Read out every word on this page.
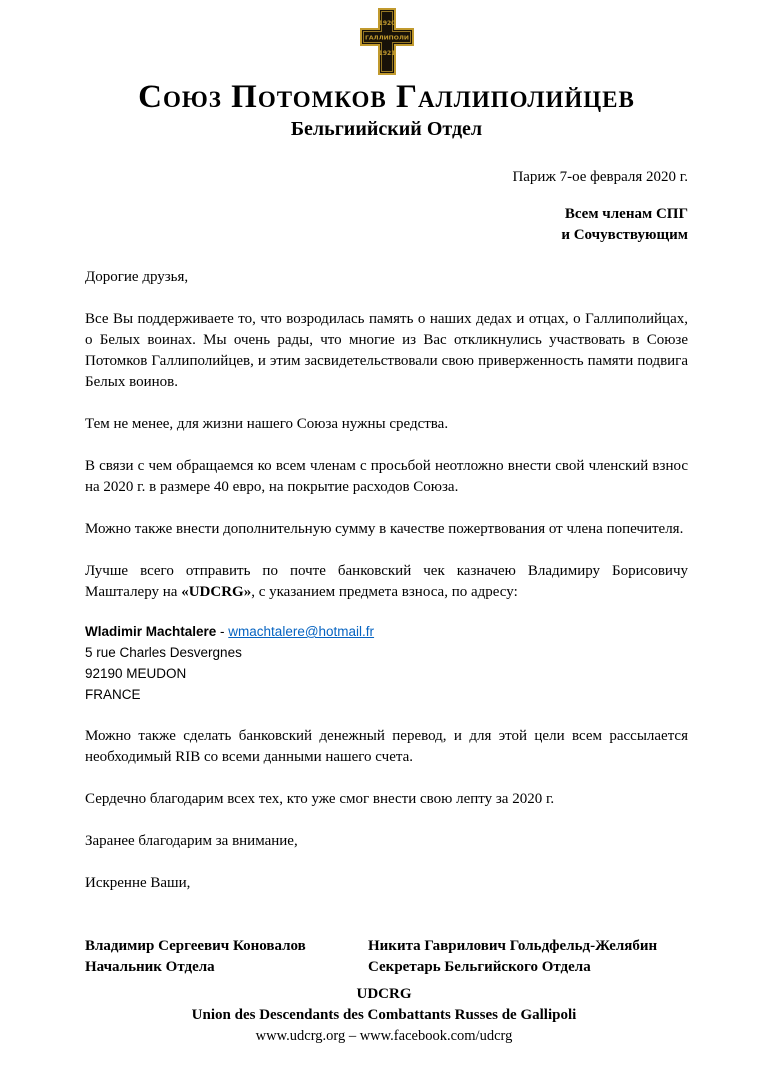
1920
ГАЛЛИПОЛИ
1921
Союз Потомков Галлиполийцев
Бельгиийский Отдел

Париж 7-ое февраля 2020 г.

Всем членам СПГ

и Сочувствующим

Дорогие друзья,

Все Вы поддерживаете то, что возродилась память о наших дедах и отцах, о Галлиполийцах, о Белых воинах. Мы очень рады, что многие из Вас откликнулись участвовать в Союзе Потомков Галлиполийцев, и этим засвидетельствовали свою приверженность памяти подвига Белых воинов.

Тем не менее, для жизни нашего Союза нужны средства.

В связи с чем обращаемся ко всем членам с просьбой неотложно внести свой членский взнос на 2020 г. в размере 40 евро, на покрытие расходов Союза.

Можно также внести дополнительную сумму в качестве пожертвования от члена попечителя.

Лучше всего отправить по почте банковский чек казначею Владимиру Борисовичу Машталеру на «UDCRG», с указанием предмета взноса, по адресу:

Wladimir Machtalere - wmachtalere@hotmail.fr

5 rue Charles Desvergnes

92190 MEUDON

FRANCE

Можно также сделать банковский денежный перевод, и для этой цели всем рассылается необходимый RIB со всеми данными нашего счета.

Сердечно благодарим всех тех, кто уже смог внести свою лепту за 2020 г.

Заранее благодарим за внимание,

Искренне Ваши,

Владимир Сергеевич Коновалов

Начальник Отдела

Никита Гаврилович Гольдфельд-Желябин

Секретарь Бельгийского Отдела

UDCRG

Union des Descendants des Combattants Russes de Gallipoli

www.udcrg.org – www.facebook.com/udcrg
